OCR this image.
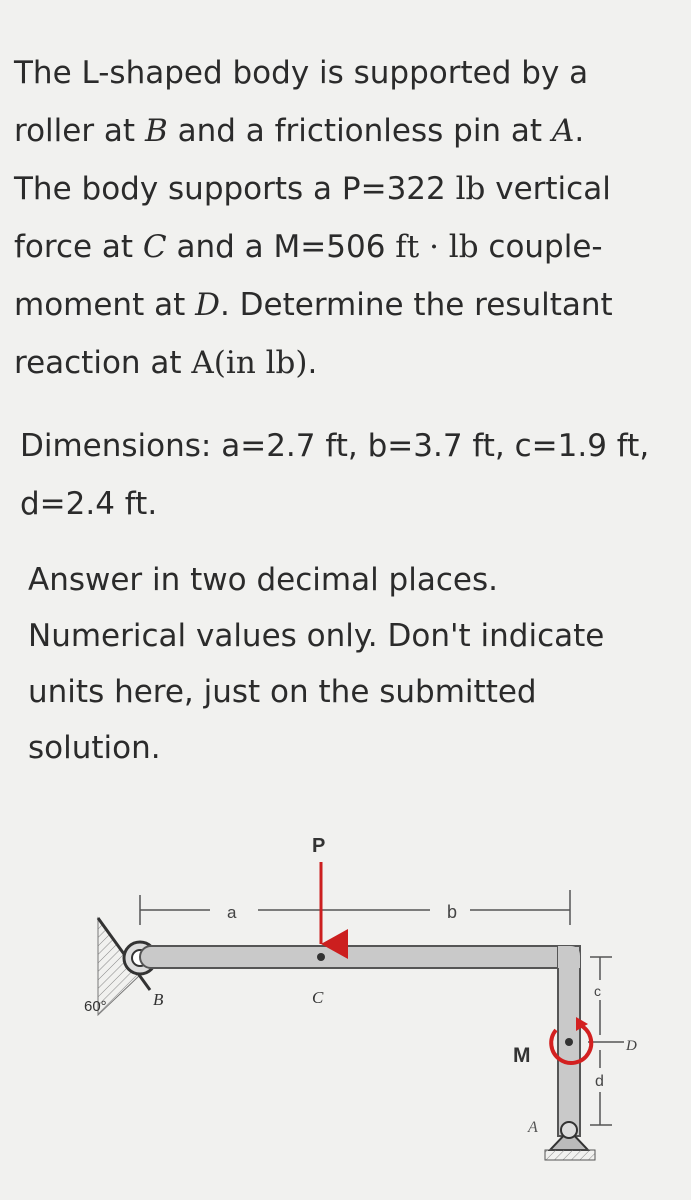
The L-shaped body is supported by a
roller at B and a frictionless pin at A.
The body supports a P=322 lb vertical
force at C and a M=506 ft · lb couple-
moment at D. Determine the resultant
reaction at A(in lb).
Dimensions: a=2.7 ft, b=3.7 ft, c=1.9 ft,
d=2.4 ft.
Answer in two decimal places.
Numerical values only. Don't indicate
units here, just on the submitted
solution.
a	b
P
C
60°	B	c
d
D
M
A
